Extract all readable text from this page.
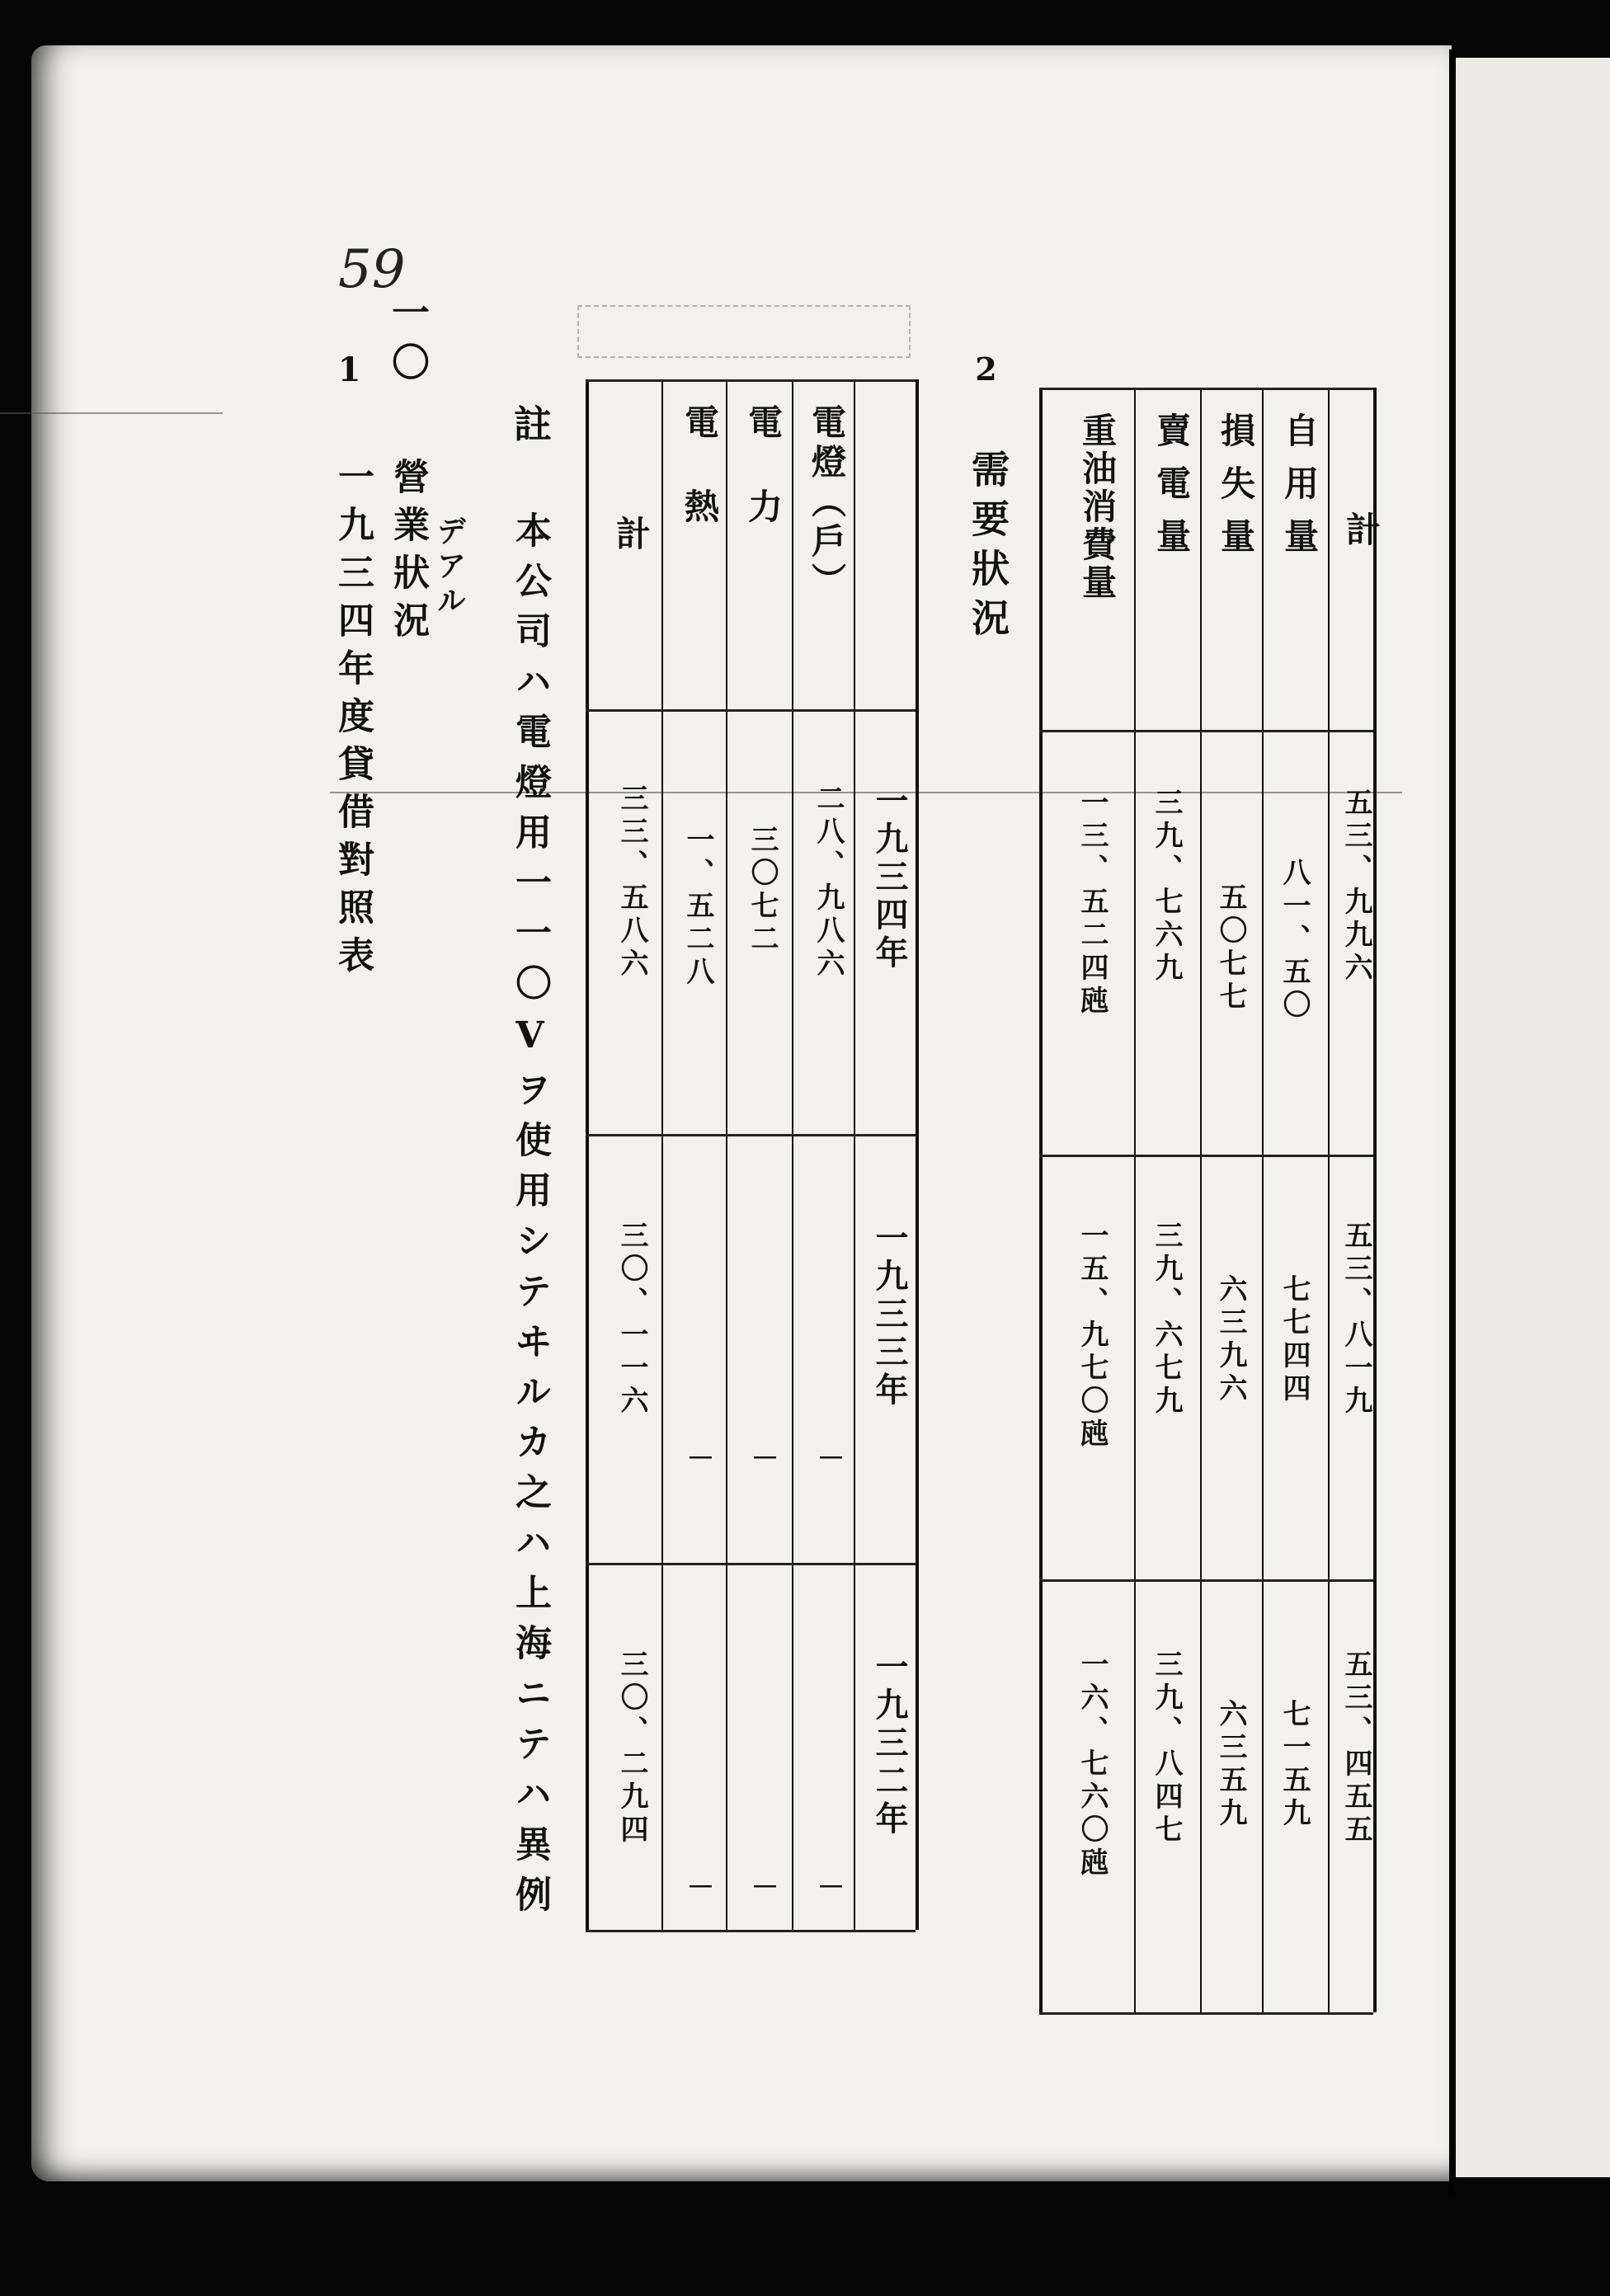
59
一〇
營業狀況 デアル
1
一九三四年度貸借對照表
註
本公司ハ電燈用一一〇Vヲ使用シテヰルカ之ハ上海ニテハ異例
2
需要狀況
一九三四年
一九三三年
一九三二年
電燈（戶）
電力
電熱
計
二八、九八六
三〇七二
一、五二八
三三、五八六
－
－
－
三〇、一一六
－
－
－
三〇、二九四
計
自用量
損失量
賣電量
重油消費量
五三、九九六
八一、五〇
五〇七七
三九、七六九
一三、五二四瓲
五三、八一九
七七四四
六三九六
三九、六七九
一五、九七〇瓲
五三、四五五
七一五九
六三五九
三九、八四七
一六、七六〇瓲
